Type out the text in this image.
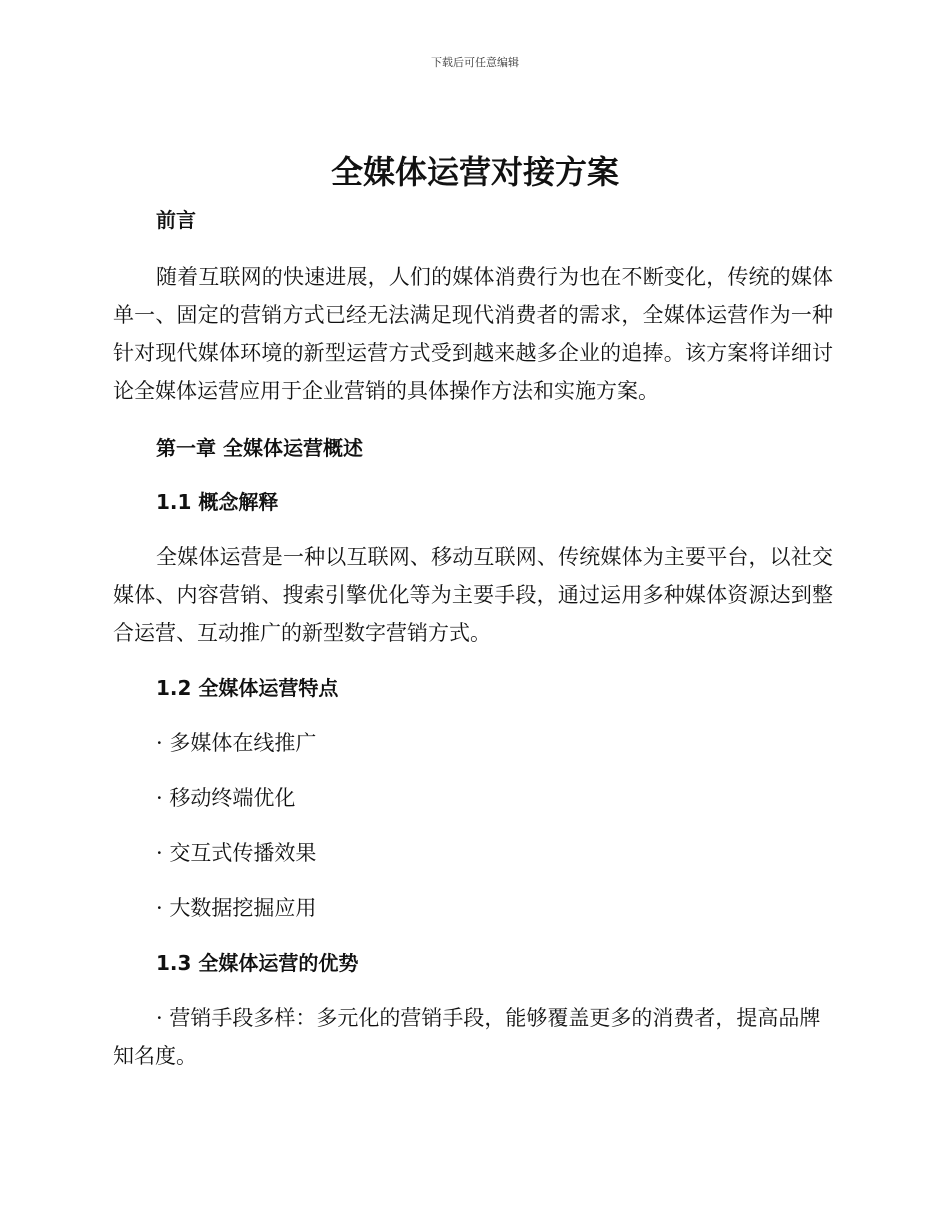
下载后可任意编辑
全媒体运营对接方案
前言

随着互联网的快速进展，人们的媒体消费行为也在不断变化，传统的媒体单一、固定的营销方式已经无法满足现代消费者的需求，全媒体运营作为一种针对现代媒体环境的新型运营方式受到越来越多企业的追捧。该方案将详细讨论全媒体运营应用于企业营销的具体操作方法和实施方案。

第一章 全媒体运营概述
1.1 概念解释

全媒体运营是一种以互联网、移动互联网、传统媒体为主要平台，以社交媒体、内容营销、搜索引擎优化等为主要手段，通过运用多种媒体资源达到整合运营、互动推广的新型数字营销方式。

1.2 全媒体运营特点

· 多媒体在线推广

· 移动终端优化

· 交互式传播效果

· 大数据挖掘应用

1.3 全媒体运营的优势

· 营销手段多样：多元化的营销手段，能够覆盖更多的消费者，提高品牌知名度。
